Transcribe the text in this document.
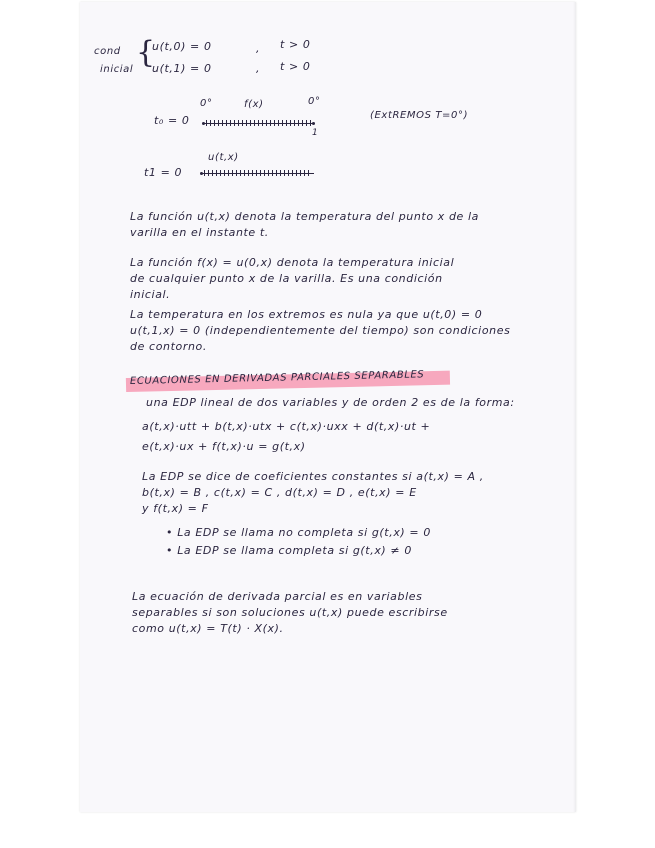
cond
inicial {
u(t,0) = 0	, t > 0
u(t,1) = 0	, t > 0
t₀ = 0
0°	f(x)	0°
1
(ExtREMOS T=0°)
u(t,x)
t1 = 0
La función u(t,x) denota la temperatura del punto x de la
varilla en el instante t.
La función f(x) = u(0,x) denota la temperatura inicial
de cualquier punto x de la varilla. Es una condición
inicial.
La temperatura en los extremos es nula ya que u(t,0) = 0
u(t,1,x) = 0 (independientemente del tiempo) son condiciones
de contorno.
ECUACIONES EN DERIVADAS PARCIALES SEPARABLES
una EDP lineal de dos variables y de orden 2 es de la forma:
a(t,x)·utt + b(t,x)·utx + c(t,x)·uxx + d(t,x)·ut +
e(t,x)·ux + f(t,x)·u = g(t,x)
La EDP se dice de coeficientes constantes si a(t,x) = A ,
b(t,x) = B , c(t,x) = C , d(t,x) = D , e(t,x) = E
y f(t,x) = F
• La EDP se llama no completa si g(t,x) = 0
• La EDP se llama completa si g(t,x) ≠ 0
La ecuación de derivada parcial es en variables
separables si son soluciones u(t,x) puede escribirse
como u(t,x) = T(t) · X(x).
